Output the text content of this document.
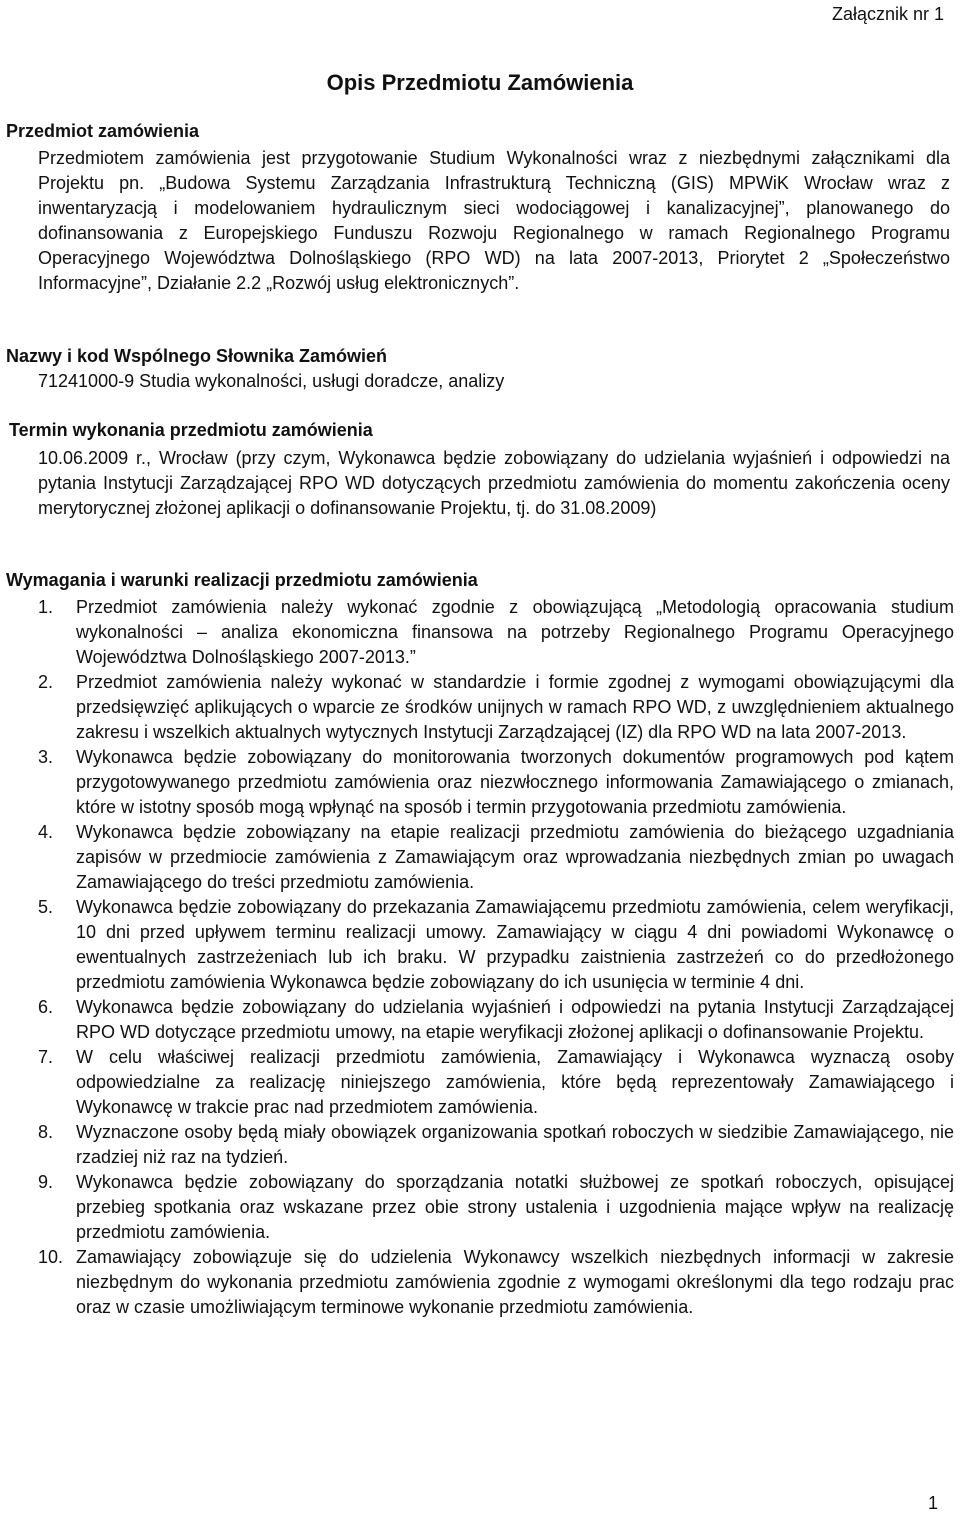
Załącznik nr 1
Opis Przedmiotu Zamówienia
Przedmiot zamówienia
Przedmiotem zamówienia jest przygotowanie Studium Wykonalności wraz z niezbędnymi załącznikami dla Projektu pn. „Budowa Systemu Zarządzania Infrastrukturą Techniczną (GIS) MPWiK Wrocław wraz z inwentaryzacją i modelowaniem hydraulicznym sieci wodociągowej i kanalizacyjnej”, planowanego do dofinansowania z Europejskiego Funduszu Rozwoju Regionalnego w ramach Regionalnego Programu Operacyjnego Województwa Dolnośląskiego (RPO WD) na lata 2007-2013, Priorytet 2 „Społeczeństwo Informacyjne”, Działanie 2.2 „Rozwój usług elektronicznych”.
Nazwy i kod Wspólnego Słownika Zamówień
71241000-9 Studia wykonalności, usługi doradcze, analizy
Termin wykonania przedmiotu zamówienia
10.06.2009 r., Wrocław (przy czym, Wykonawca będzie zobowiązany do udzielania wyjaśnień i odpowiedzi na pytania Instytucji Zarządzającej RPO WD dotyczących przedmiotu zamówienia do momentu zakończenia oceny merytorycznej złożonej aplikacji o dofinansowanie Projektu, tj. do 31.08.2009)
Wymagania i warunki realizacji przedmiotu zamówienia
1. Przedmiot zamówienia należy wykonać zgodnie z obowiązującą „Metodologią opracowania studium wykonalności – analiza ekonomiczna finansowa na potrzeby Regionalnego Programu Operacyjnego Województwa Dolnośląskiego 2007-2013.”
2. Przedmiot zamówienia należy wykonać w standardzie i formie zgodnej z wymogami obowiązującymi dla przedsięwzięć aplikujących o wparcie ze środków unijnych w ramach RPO WD, z uwzględnieniem aktualnego zakresu i wszelkich aktualnych wytycznych Instytucji Zarządzającej (IZ) dla RPO WD na lata 2007-2013.
3. Wykonawca będzie zobowiązany do monitorowania tworzonych dokumentów programowych pod kątem przygotowywanego przedmiotu zamówienia oraz niezwłocznego informowania Zamawiającego o zmianach, które w istotny sposób mogą wpłynąć na sposób i termin przygotowania przedmiotu zamówienia.
4. Wykonawca będzie zobowiązany na etapie realizacji przedmiotu zamówienia do bieżącego uzgadniania zapisów w przedmiocie zamówienia z Zamawiającym oraz wprowadzania niezbędnych zmian po uwagach Zamawiającego do treści przedmiotu zamówienia.
5. Wykonawca będzie zobowiązany do przekazania Zamawiającemu przedmiotu zamówienia, celem weryfikacji, 10 dni przed upływem terminu realizacji umowy. Zamawiający w ciągu 4 dni powiadomi Wykonawcę o ewentualnych zastrzeżeniach lub ich braku. W przypadku zaistnienia zastrzeżeń co do przedłożonego przedmiotu zamówienia Wykonawca będzie zobowiązany do ich usunięcia w terminie 4 dni.
6. Wykonawca będzie zobowiązany do udzielania wyjaśnień i odpowiedzi na pytania Instytucji Zarządzającej RPO WD dotyczące przedmiotu umowy, na etapie weryfikacji złożonej aplikacji o dofinansowanie Projektu.
7. W celu właściwej realizacji przedmiotu zamówienia, Zamawiający i Wykonawca wyznaczą osoby odpowiedzialne za realizację niniejszego zamówienia, które będą reprezentowały Zamawiającego i Wykonawcę w trakcie prac nad przedmiotem zamówienia.
8. Wyznaczone osoby będą miały obowiązek organizowania spotkań roboczych w siedzibie Zamawiającego, nie rzadziej niż raz na tydzień.
9. Wykonawca będzie zobowiązany do sporządzania notatki służbowej ze spotkań roboczych, opisującej przebieg spotkania oraz wskazane przez obie strony ustalenia i uzgodnienia mające wpływ na realizację przedmiotu zamówienia.
10. Zamawiający zobowiązuje się do udzielenia Wykonawcy wszelkich niezbędnych informacji w zakresie niezbędnym do wykonania przedmiotu zamówienia zgodnie z wymogami określonymi dla tego rodzaju prac oraz w czasie umożliwiającym terminowe wykonanie przedmiotu zamówienia.
1
